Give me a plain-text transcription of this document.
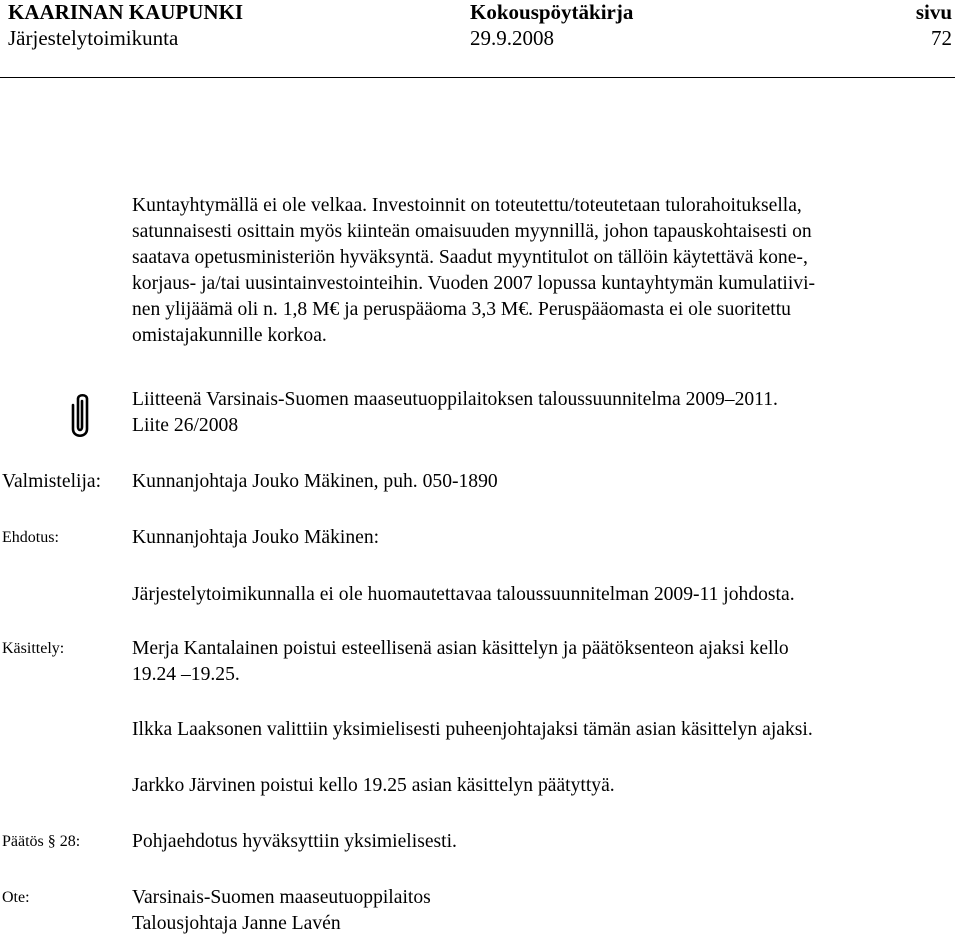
KAARINAN KAUPUNKI	Kokouspöytäkirja	sivu
Järjestelytoimikunta	29.9.2008	72
Kuntayhtymällä ei ole velkaa. Investoinnit on toteutettu/toteutetaan tulorahoituksella,
satunnaisesti osittain myös kiinteän omaisuuden myynnillä, johon tapauskohtaisesti on
saatava opetusministeriön hyväksyntä. Saadut myyntitulot on tällöin käytettävä kone-,
korjaus- ja/tai uusintainvestointeihin. Vuoden 2007 lopussa kuntayhtymän kumulatiivi-
nen ylijäämä oli n. 1,8 M€ ja peruspääoma 3,3 M€. Peruspääomasta ei ole suoritettu
omistajakunnille korkoa.
Liitteenä Varsinais-Suomen maaseutuoppilaitoksen taloussuunnitelma 2009–2011.
Liite 26/2008
Valmistelija: Kunnanjohtaja Jouko Mäkinen, puh. 050-1890
Ehdotus:	Kunnanjohtaja Jouko Mäkinen:
Järjestelytoimikunnalla ei ole huomautettavaa taloussuunnitelman 2009-11 johdosta.
Käsittely:	Merja Kantalainen poistui esteellisenä asian käsittelyn ja päätöksenteon ajaksi kello
19.24 –19.25.
Ilkka Laaksonen valittiin yksimielisesti puheenjohtajaksi tämän asian käsittelyn ajaksi.
Jarkko Järvinen poistui kello 19.25 asian käsittelyn päätyttyä.
Päätös § 28:	Pohjaehdotus hyväksyttiin yksimielisesti.
Ote:	Varsinais-Suomen maaseutuoppilaitos
Talousjohtaja Janne Lavén
